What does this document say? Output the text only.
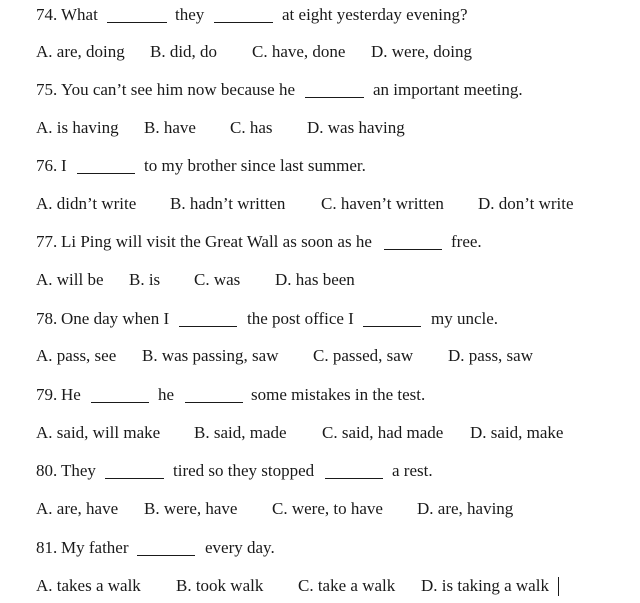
74. What	they	at eight yesterday evening?
A. are, doing B. did, do C. have, done D. were, doing
75. You can’t see him now because he	an important meeting.
A. is having B. have C. has D. was having
76. I	to my brother since last summer.
A. didn’t write B. hadn’t written C. haven’t written D. don’t write
77. Li Ping will visit the Great Wall as soon as he	free.
A. will be B. is C. was D. has been
78. One day when I	the post office I	my uncle.
A. pass, see B. was passing, saw C. passed, saw D. pass, saw
79. He	he	some mistakes in the test.
A. said, will make B. said, made C. said, had made D. said, make
80. They	tired so they stopped	a rest.
A. are, have B. were, have C. were, to have D. are, having
81. My father	every day.
A. takes a walk B. took walk C. take a walk D. is taking a walk
